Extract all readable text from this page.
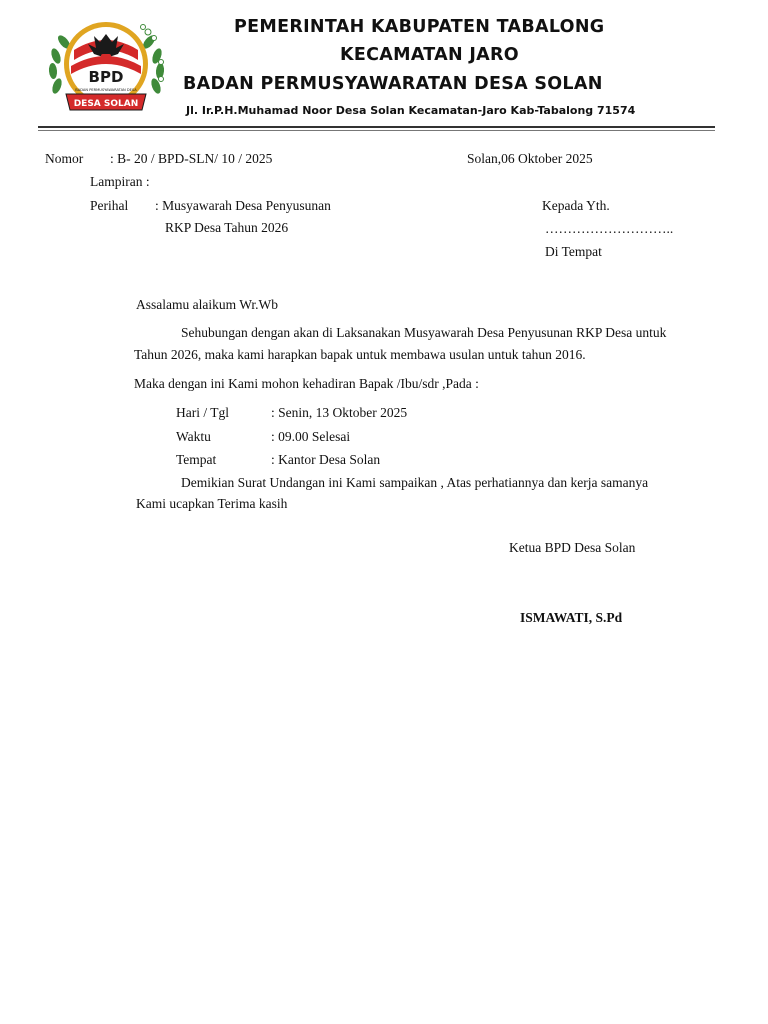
BPD
BADAN PERMUSYAWARATAN DESA
DESA SOLAN
PEMERINTAH KABUPATEN TABALONG
KECAMATAN JARO
BADAN PERMUSYAWARATAN DESA SOLAN
Jl. Ir.P.H.Muhamad Noor Desa Solan Kecamatan-Jaro Kab-Tabalong 71574
Nomor : B- 20 / BPD-SLN/ 10 / 2025	Solan,06 Oktober 2025
Lampiran :
Perihal : Musyawarah Desa Penyusunan
RKP Desa Tahun 2026
Kepada Yth.
………………………..
Di Tempat
Assalamu alaikum Wr.Wb
Sehubungan dengan akan di Laksanakan Musyawarah Desa Penyusunan RKP Desa untuk
Tahun 2026, maka kami harapkan bapak untuk membawa usulan untuk tahun 2016.
Maka dengan ini Kami mohon kehadiran Bapak /Ibu/sdr ,Pada :
Hari / Tgl	: Senin, 13 Oktober 2025
Waktu	: 09.00 Selesai
Tempat	: Kantor Desa Solan
Demikian Surat Undangan ini Kami sampaikan , Atas perhatiannya dan kerja samanya
Kami ucapkan Terima kasih
Ketua BPD Desa Solan
ISMAWATI, S.Pd
